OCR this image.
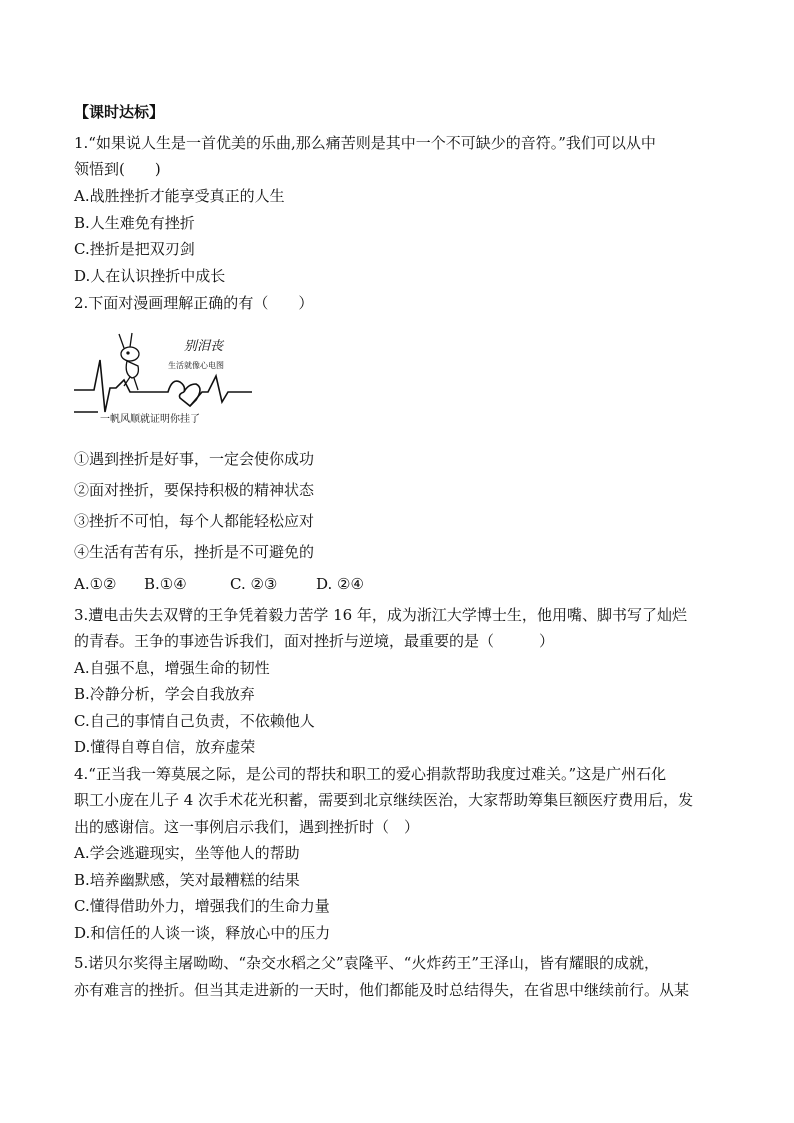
【课时达标】
1.“如果说人生是一首优美的乐曲,那么痛苦则是其中一个不可缺少的音符。”我们可以从中
领悟到(　　)
A.战胜挫折才能享受真正的人生
B.人生难免有挫折
C.挫折是把双刃剑
D.人在认识挫折中成长
2.下面对漫画理解正确的有（　　）
别泪丧
生活就像心电图
一帆风顺就证明你挂了
①遇到挫折是好事，一定会使你成功
②面对挫折，要保持积极的精神状态
③挫折不可怕，每个人都能轻松应对
④生活有苦有乐，挫折是不可避免的
A.①② B.①④	C. ②③	D. ②④
3.遭电击失去双臂的王争凭着毅力苦学 16 年，成为浙江大学博士生，他用嘴、脚书写了灿烂
的青春。王争的事迹告诉我们，面对挫折与逆境，最重要的是（　　　）
A.自强不息，增强生命的韧性
B.冷静分析，学会自我放弃
C.自己的事情自己负责，不依赖他人
D.懂得自尊自信，放弃虚荣
4.“正当我一筹莫展之际，是公司的帮扶和职工的爱心捐款帮助我度过难关。”这是广州石化
职工小庞在儿子 4 次手术花光积蓄，需要到北京继续医治，大家帮助筹集巨额医疗费用后，发
出的感谢信。这一事例启示我们，遇到挫折时（　）
A.学会逃避现实，坐等他人的帮助
B.培养幽默感，笑对最糟糕的结果
C.懂得借助外力，增强我们的生命力量
D.和信任的人谈一谈，释放心中的压力
5.诺贝尔奖得主屠呦呦、“杂交水稻之父”袁隆平、“火炸药王”王泽山，皆有耀眼的成就，
亦有难言的挫折。但当其走进新的一天时，他们都能及时总结得失，在省思中继续前行。从某
